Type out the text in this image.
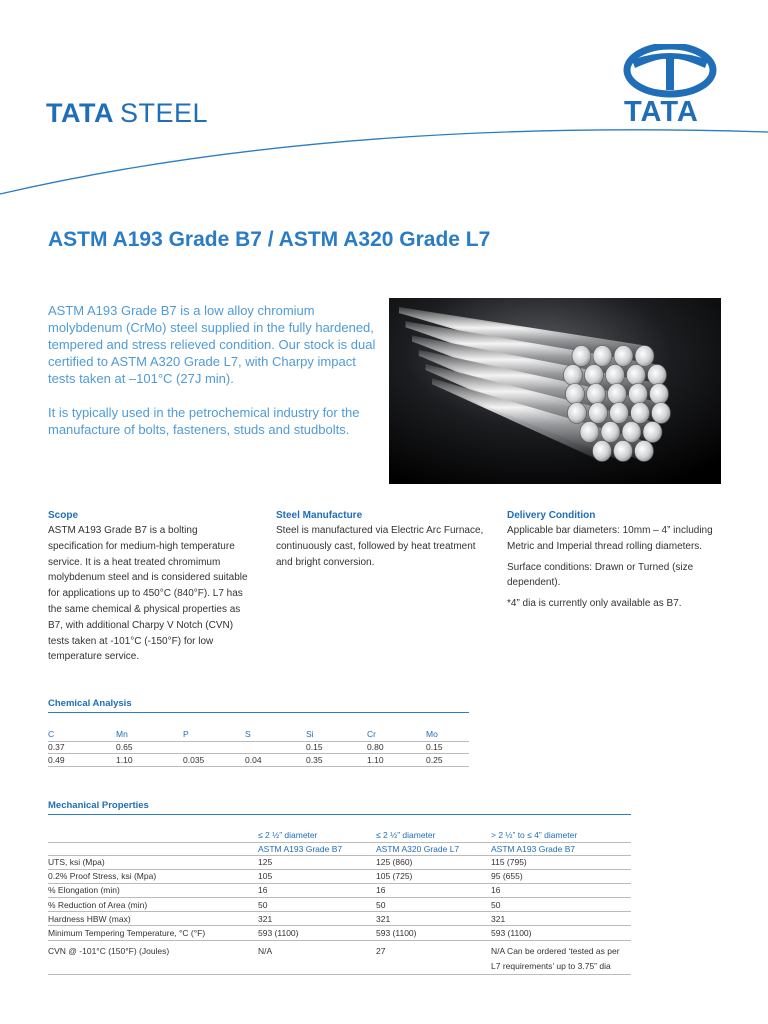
TATA STEEL	TATA
ASTM A193 Grade B7 / ASTM A320 Grade L7

ASTM A193 Grade B7 is a low alloy chromium molybdenum (CrMo) steel supplied in the fully hardened, tempered and stress relieved condition. Our stock is dual certified to ASTM A320 Grade L7, with Charpy impact tests taken at –101°C (27J min).

It is typically used in the petrochemical industry for the manufacture of bolts, fasteners, studs and studbolts.

Scope

ASTM A193 Grade B7 is a bolting specification for medium-high temperature service. It is a heat treated chromimum molybdenum steel and is considered suitable for applications up to 450°C (840°F). L7 has the same chemical & physical properties as B7, with additional Charpy V Notch (CVN) tests taken at -101°C (-150°F) for low temperature service.

Steel Manufacture

Steel is manufactured via Electric Arc Furnace, continuously cast, followed by heat treatment and bright conversion.

Delivery Condition

Applicable bar diameters: 10mm – 4” including Metric and Imperial thread rolling diameters.

Surface conditions: Drawn or Turned (size dependent).

*4” dia is currently only available as B7.

Chemical Analysis
C	Mn	P	S	Si	Cr	Mo
0.37	0.65			0.15	0.80	0.15
0.49	1.10	0.035	0.04	0.35	1.10	0.25
Mechanical Properties
	≤ 2 ½” diameter	≤ 2 ½” diameter	> 2 ½” to ≤ 4” diameter
	ASTM A193 Grade B7	ASTM A320 Grade L7	ASTM A193 Grade B7
UTS, ksi (Mpa)	125	125 (860)	115 (795)
0.2% Proof Stress, ksi (Mpa)	105	105 (725)	95 (655)
% Elongation (min)	16	16	16
% Reduction of Area (min)	50	50	50
Hardness HBW (max)	321	321	321
Minimum Tempering Temperature, °C (°F)	593 (1100)	593 (1100)	593 (1100)
CVN @ -101°C (150°F) (Joules)	N/A	27	N/A Can be ordered ‘tested as per
L7 requirements’ up to 3.75” dia
